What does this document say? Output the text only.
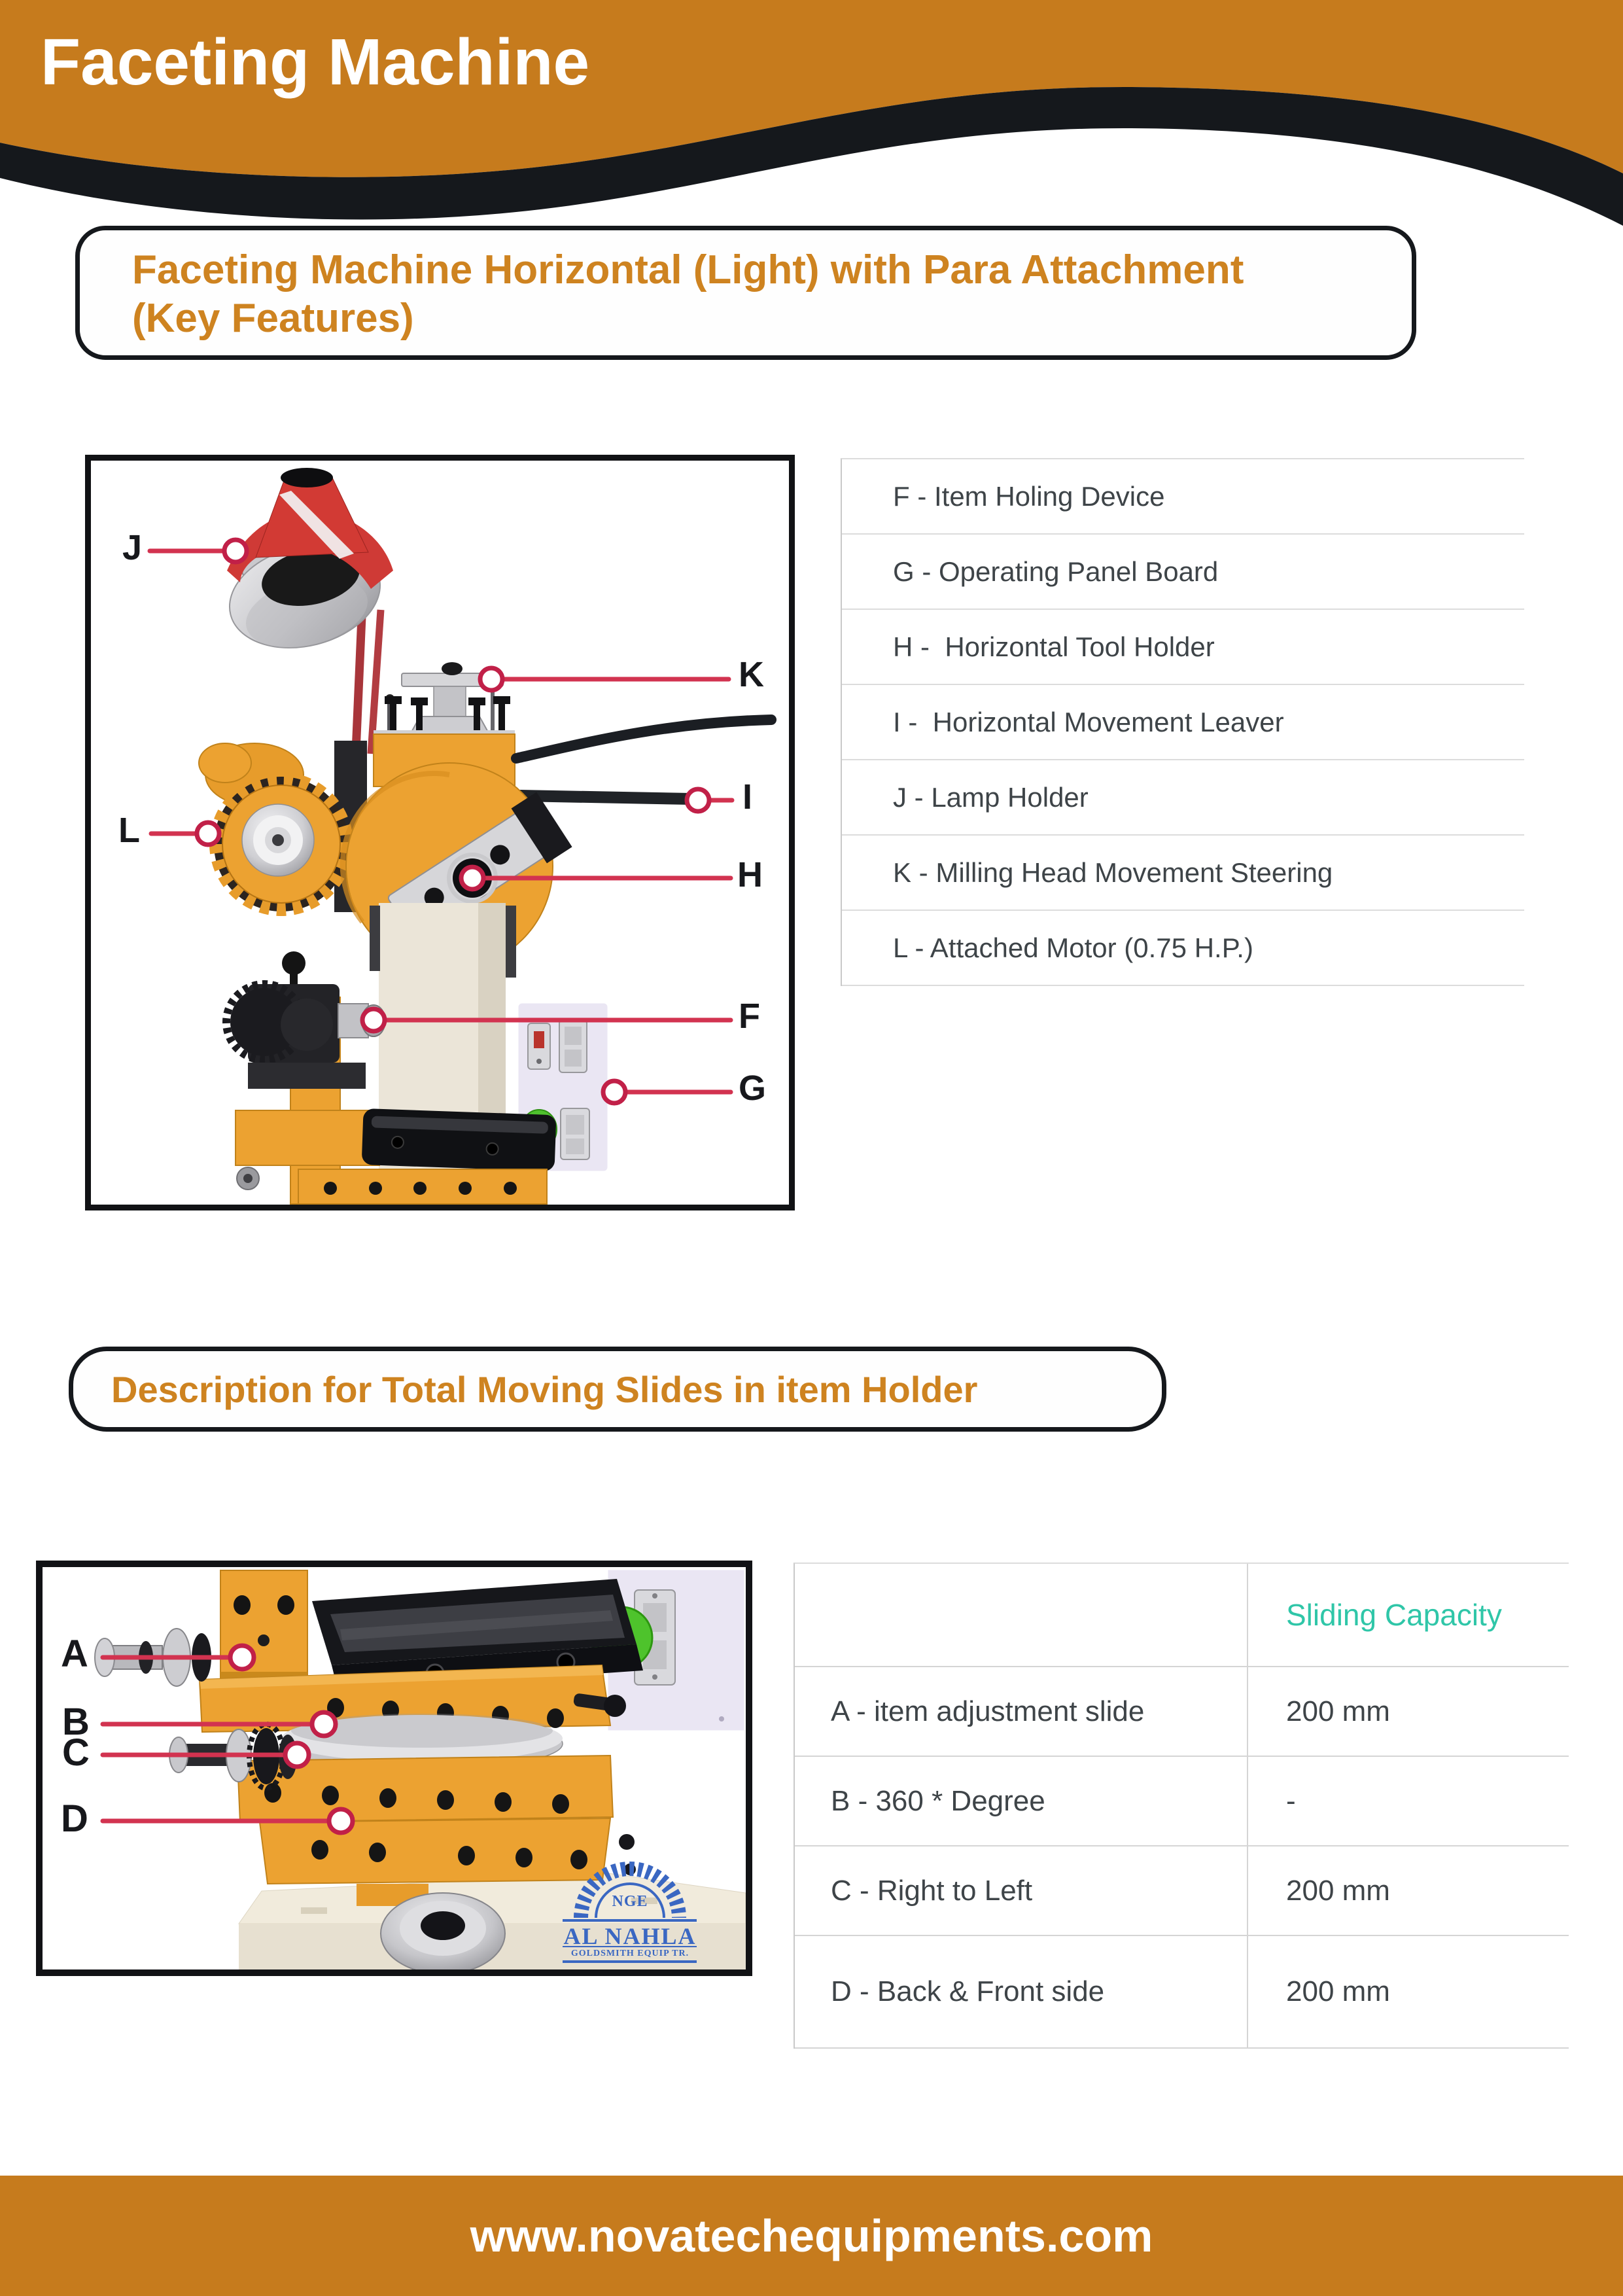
Faceting Machine
Faceting Machine Horizontal (Light) with Para Attachment
(Key Features)
J
K
I
L
H
F
G
F - Item Holing Device
G - Operating Panel Board
H -  Horizontal Tool Holder
I -  Horizontal Movement Leaver
J - Lamp Holder
K - Milling Head Movement Steering
L - Attached Motor (0.75 H.P.)
Description for Total Moving Slides in item Holder
A
B
C
D
NGE
AL NAHLA
GOLDSMITH EQUIP TR.
Sliding Capacity
A - item adjustment slide	200 mm
B - 360 * Degree	-
C - Right to Left	200 mm
D - Back & Front side	200 mm
www.novatechequipments.com
